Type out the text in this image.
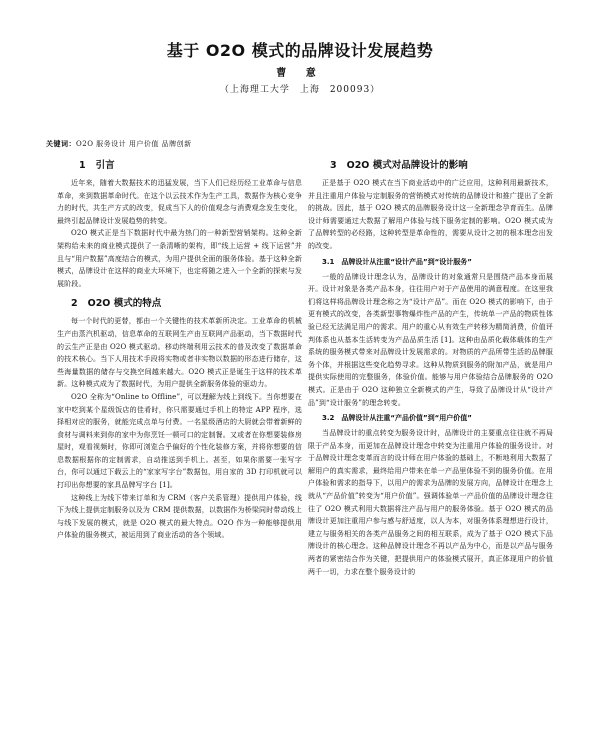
基于 O2O 模式的品牌设计发展趋势
曹 意
（上海理工大学　上海　200093）
关键词：O2O 服务设计 用户价值 品牌创新
1 引言

近年来，随着大数据技术的迅猛发展，当下人们已经历经工业革命与信息革命，来到数据革命时代。在这个以云技术作为生产工具，数据作为核心竞争力的时代，共生产方式的改变，促成当下人的价值观念与消费观念发生变化，最终引起品牌设计发展趋势的转变。

O2O 模式正是当下数据时代中最为热门的一种新型营销架构。这种全新架构给未来的商业模式提供了一条清晰的架构，即“线上运营 + 线下运营”并且与“用户数据”高度结合的模式，为用户提供全面的服务体验。基于这种全新模式，品牌设计在这样的商业大环境下，也定将随之进入一个全新的探索与发展阶段。

2 O2O 模式的特点

每一个时代的更替，都由一个关键性的技术革新所决定。工业革命的机械生产由蒸汽机驱动，信息革命的互联网生产由互联网产品驱动，当下数据时代的云生产正是由 O2O 模式驱动。移动终端利用云技术的普及改变了数据革命的技术核心。当下人用技术手段将实物或者非实物以数据的形态进行储存，这些海量数据的储存与交换空间越来越大。O2O 模式正是诞生于这样的技术革新。这种模式成为了数据时代，为用户提供全新服务体验的驱动力。

O2O 全称为“Online to Offline”，可以理解为线上到线下。当你想要在家中吃到某个星级饭店的佳肴时，你只需要通过手机上的特定 APP 程序，选择相对应的服务，就能完成点单与付费。一名星级酒店的大厨就会带着新鲜的食材与调料来到你的家中为你烹饪一顿可口的定制餐。又或者在你想要装修房屋时，观看视频时，你即可浏览合乎偏好的个性化装修方案，并将你想要的信息数据根据你的定制需求，自动推送到手机上。甚至，如果你需要一张写字台，你可以通过下载云上的“家家写字台”数据包，用自家的 3D 打印机就可以打印出你想要的家具品牌写字台 [1]。

这种线上为线下带来订单和为 CRM（客户关系管理）提供用户体验，线下为线上提供定制服务以及为 CRM 提供数据，以数据作为桥梁同时带动线上与线下发展的模式，就是 O2O 模式的最大特点。O2O 作为一种能够提供用户体验的服务模式，被运用到了商业活动的各个领域。

3 O2O 模式对品牌设计的影响

正是基于 O2O 模式在当下商业活动中的广泛应用，这种利用最新技术，并且注重用户体验与定制服务的营销模式对传统的品牌设计和推广提出了全新的挑战。因此，基于 O2O 模式的品牌服务设计这一全新理念孕育而生。品牌设计师需要通过大数据了解用户体验与线下服务定制的影响。O2O 模式成为了品牌转型的必经路，这种转型是革命性的，需要从设计之初的根本理念出发的改变。

3.1　品牌设计从注重“设计产品”到“设计服务”

一般的品牌设计理念认为，品牌设计的对象通常只是围绕产品本身而展开。设计对象是各类产品本身，往往用户对于产品使用的满意程度。在这里我们将这样将品牌设计理念称之为“设计产品”。而在 O2O 模式的影响下，由于更有模式的改变，各类新型事物爆炸性产品的产生，传统单一产品的物质性体验已经无法满足用户的需求。用户的重心从有效生产转移为精简消费，价值评判体系也从基本生活转变为产品品质生活 [1]。这种由品质化载体载体的生产系统的服务模式带来对品牌设计发展需求的。对物质的产品所带生活的品牌服务个体，并根据这些变化趋势寻求。这种从物质到服务的附加产品，就是用户提供实际使用的完整服务，体验价值。能够与用户体验结合品牌服务的 O2O 模式。正是由于 O2O 这种独立全新模式的产生，导致了品牌设计从“设计产品”到“设计服务”的理念转变。

3.2　品牌设计从注重“产品价值”到“用户价值”

当品牌设计的重点转变为服务设计时，品牌设计的主要重点往往就不再局限于产品本身，而更加在品牌设计理念中转变为注重用户体验的服务设计。对于品牌设计理念变革而言的设计师在用户体验的基础上，不断地利用大数据了解用户的真实需求，最终给用户带来在单一产品里体验不到的服务价值。在用户体验和需求的指导下，以用户的需求为品牌的发展方向，品牌设计在理念上就从“产品价值”转变为“用户价值”。强调体验单一产品价值的品牌设计理念往往了 O2O 模式利用大数据将注产品与用户的服务体验。基于 O2O 模式的品牌设计更加注重用户参与感与舒适度，以人为本，对服务体系理想进行设计，建立与服务相关的各类产品服务之间的相互联系，成为了基于 O2O 模式下品牌设计的核心理念。这种品牌设计理念不再以产品为中心，而是以产品与服务两者的紧密结合作为关键，把提供用户的体验模式展开，真正体现用户的价值两千一切，力求在整个服务设计的
